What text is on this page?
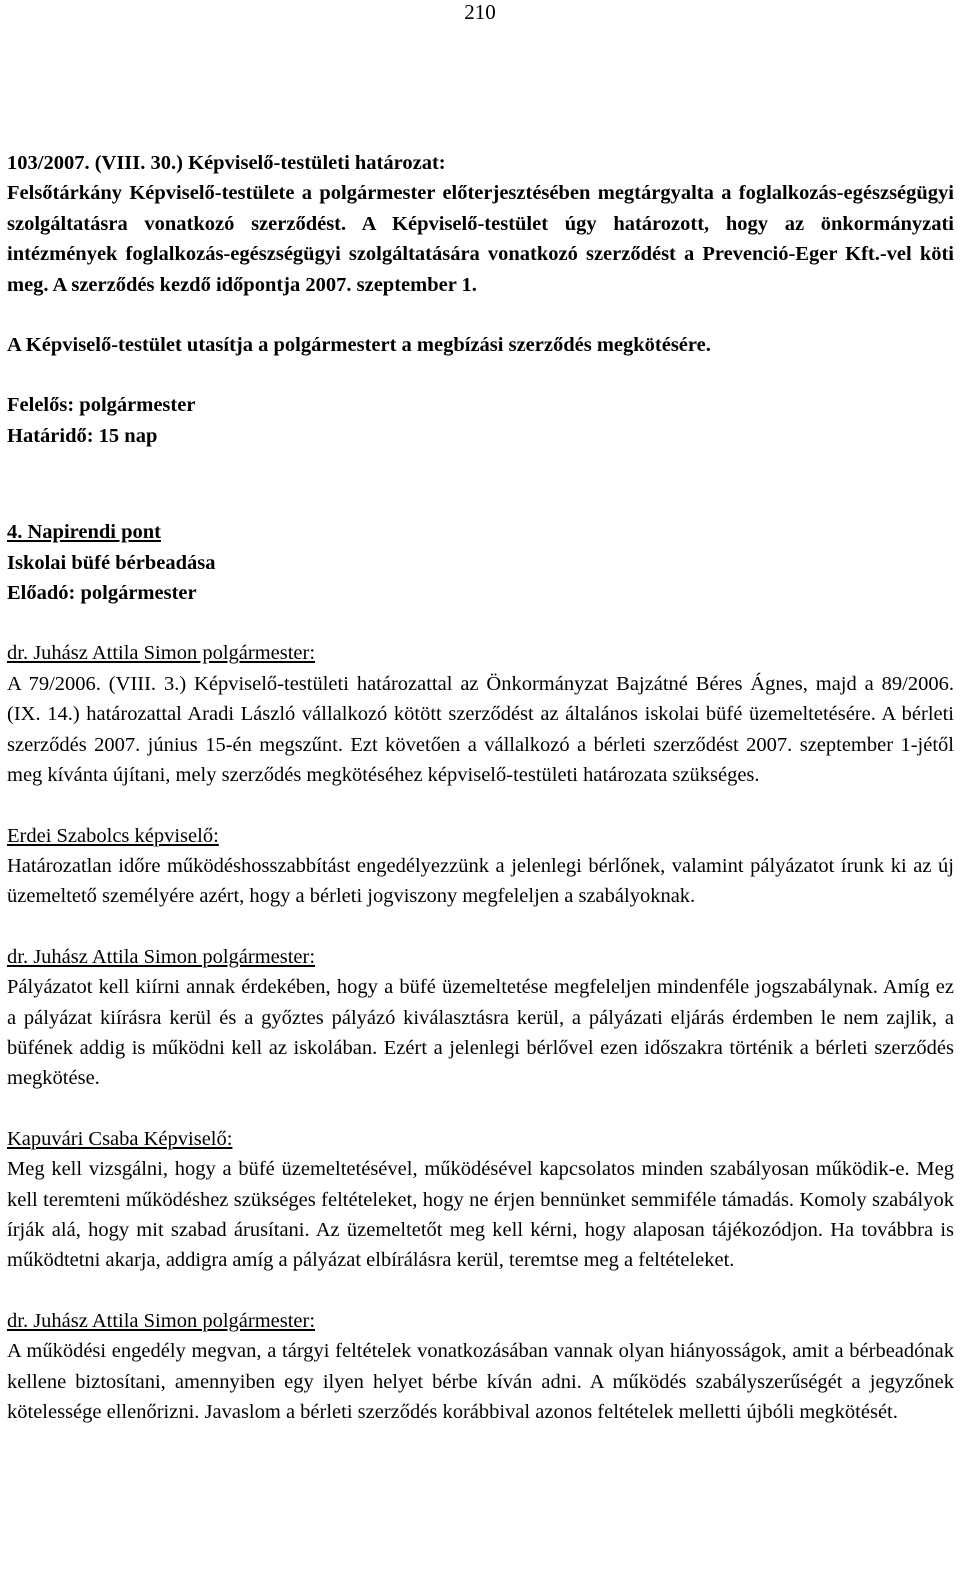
210

103/2007. (VIII. 30.) Képviselő-testületi határozat:

Felsőtárkány Képviselő-testülete a polgármester előterjesztésében megtárgyalta a foglalkozás-egészségügyi szolgáltatásra vonatkozó szerződést. A Képviselő-testület úgy határozott, hogy az önkormányzati intézmények foglalkozás-egészségügyi szolgáltatására vonatkozó szerződést a Prevenció-Eger Kft.-vel köti meg. A szerződés kezdő időpontja 2007. szeptember 1.

A Képviselő-testület utasítja a polgármestert a megbízási szerződés megkötésére.

Felelős: polgármester

Határidő: 15 nap

4. Napirendi pont

Iskolai büfé bérbeadása

Előadó: polgármester

dr. Juhász Attila Simon polgármester:

A 79/2006. (VIII. 3.) Képviselő-testületi határozattal az Önkormányzat Bajzátné Béres Ágnes, majd a 89/2006. (IX. 14.) határozattal Aradi László vállalkozó kötött szerződést az általános iskolai büfé üzemeltetésére. A bérleti szerződés 2007. június 15-én megszűnt. Ezt követően a vállalkozó a bérleti szerződést 2007. szeptember 1-jétől meg kívánta újítani, mely szerződés megkötéséhez képviselő-testületi határozata szükséges.

Erdei Szabolcs képviselő:

Határozatlan időre működéshosszabbítást engedélyezzünk a jelenlegi bérlőnek, valamint pályázatot írunk ki az új üzemeltető személyére azért, hogy a bérleti jogviszony megfeleljen a szabályoknak.

dr. Juhász Attila Simon polgármester:

Pályázatot kell kiírni annak érdekében, hogy a büfé üzemeltetése megfeleljen mindenféle jogszabálynak. Amíg ez a pályázat kiírásra kerül és a győztes pályázó kiválasztásra kerül, a pályázati eljárás érdemben le nem zajlik, a büfének addig is működni kell az iskolában. Ezért a jelenlegi bérlővel ezen időszakra történik a bérleti szerződés megkötése.

Kapuvári Csaba Képviselő:

Meg kell vizsgálni, hogy a büfé üzemeltetésével, működésével kapcsolatos minden szabályosan működik-e. Meg kell teremteni működéshez szükséges feltételeket, hogy ne érjen bennünket semmiféle támadás. Komoly szabályok írják alá, hogy mit szabad árusítani. Az üzemeltetőt meg kell kérni, hogy alaposan tájékozódjon. Ha továbbra is működtetni akarja, addigra amíg a pályázat elbírálásra kerül, teremtse meg a feltételeket.

dr. Juhász Attila Simon polgármester:

A működési engedély megvan, a tárgyi feltételek vonatkozásában vannak olyan hiányosságok, amit a bérbeadónak kellene biztosítani, amennyiben egy ilyen helyet bérbe kíván adni. A működés szabályszerűségét a jegyzőnek kötelessége ellenőrizni. Javaslom a bérleti szerződés korábbival azonos feltételek melletti újbóli megkötését.
